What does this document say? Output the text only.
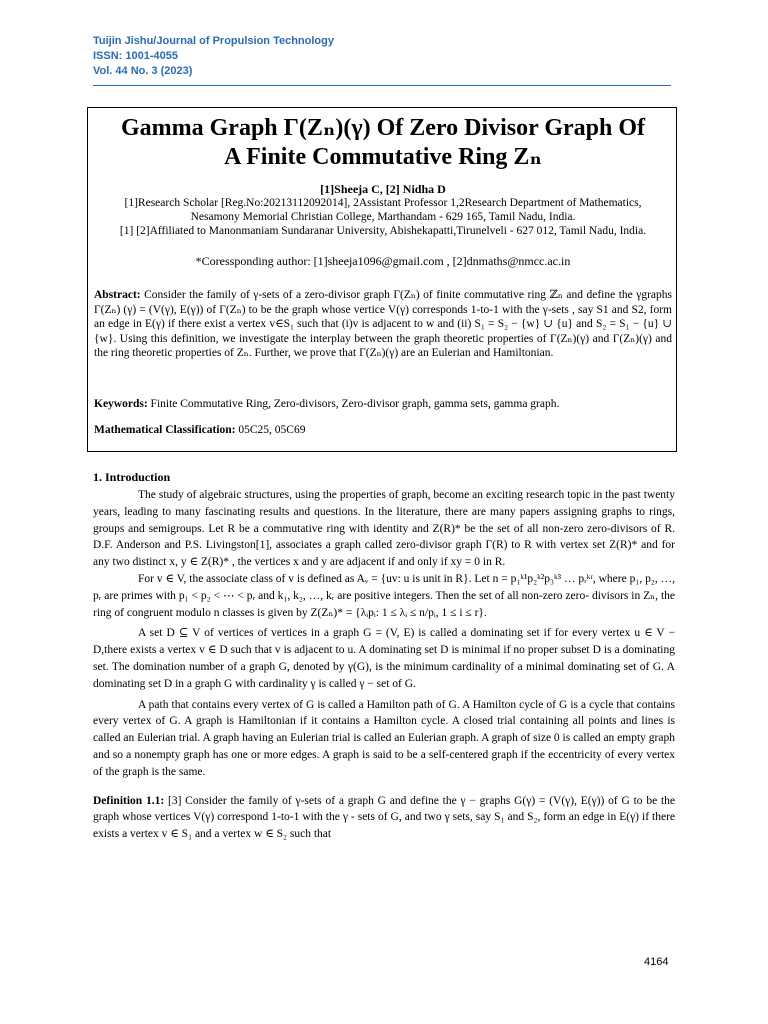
Tuijin Jishu/Journal of Propulsion Technology
ISSN: 1001-4055
Vol. 44 No. 3 (2023)
Gamma Graph Γ(Zₙ)(γ) Of Zero Divisor Graph Of
A Finite Commutative Ring Zₙ
[1]Sheeja C, [2] Nidha D
[1]Research Scholar [Reg.No:20213112092014], 2Assistant Professor 1,2Research Department of Mathematics, Nesamony Memorial Christian College, Marthandam - 629 165, Tamil Nadu, India.
[1] [2]Affiliated to Manonmaniam Sundaranar University, Abishekapatti,Tirunelveli - 627 012, Tamil Nadu, India.
*Coressponding author: [1]sheeja1096@gmail.com , [2]dnmaths@nmcc.ac.in
Abstract: Consider the family of γ-sets of a zero-divisor graph Γ(Zₙ) of finite commutative ring ℤₙ and define the γgraphs Γ(Zₙ) (γ) = (V(γ), E(γ)) of Γ(Zₙ) to be the graph whose vertice V(γ) corresponds 1-to-1 with the γ-sets , say S1 and S2, form an edge in E(γ) if there exist a vertex v∈S₁ such that (i)v is adjacent to w and (ii) S₁ = S₂ − {w} ∪ {u} and S₂ = S₁ − {u} ∪ {w}. Using this definition, we investigate the interplay between the graph theoretic properties of Γ(Zₙ)(γ) and Γ(Zₙ)(γ) and the ring theoretic properties of Zₙ. Further, we prove that Γ(Zₙ)(γ) are an Eulerian and Hamiltonian.
Keywords: Finite Commutative Ring, Zero-divisors, Zero-divisor graph, gamma sets, gamma graph.
Mathematical Classification: 05C25, 05C69
1. Introduction

The study of algebraic structures, using the properties of graph, become an exciting research topic in the past twenty years, leading to many fascinating results and questions. In the literature, there are many papers assigning graphs to rings, groups and semigroups. Let R be a commutative ring with identity and Z(R)* be the set of all non-zero zero-divisors of R. D.F. Anderson and P.S. Livingston[1], associates a graph called zero-divisor graph Γ(R) to R with vertex set Z(R)* and for any two distinct x, y ∈ Z(R)* , the vertices x and y are adjacent if and only if xy = 0 in R.

For v ∈ V, the associate class of v is defined as Aᵥ = {uv: u is unit in R}. Let n = p₁ᵏ¹p₂ᵏ²p₃ᵏ³ … pᵣᵏʳ, where p₁, p₂, …, pᵣ are primes with p₁ < p₂ < ⋯ < pᵣ and k₁, k₂, …, kᵣ are positive integers. Then the set of all non-zero zero- divisors in Zₙ, the ring of congruent modulo n classes is given by Z(Zₙ)* = {λᵢpᵢ: 1 ≤ λᵢ ≤ n/pᵢ, 1 ≤ i ≤ r}.

A set D ⊆ V of vertices of vertices in a graph G = (V, E) is called a dominating set if for every vertex u ∈ V − D,there exists a vertex v ∈ D such that v is adjacent to u. A dominating set D is minimal if no proper subset D is a dominating set. The domination number of a graph G, denoted by γ(G), is the minimum cardinality of a minimal dominating set of G. A dominating set D in a graph G with cardinality γ is called γ − set of G.

A path that contains every vertex of G is called a Hamilton path of G. A Hamilton cycle of G is a cycle that contains every vertex of G. A graph is Hamiltonian if it contains a Hamilton cycle. A closed trial containing all points and lines is called an Eulerian trial. A graph having an Eulerian trial is called an Eulerian graph. A graph of size 0 is called an empty graph and so a nonempty graph has one or more edges. A graph is said to be a self-centered graph if the eccentricity of every vertex of the graph is the same.

Definition 1.1: [3] Consider the family of γ-sets of a graph G and define the γ − graphs G(γ) = (V(γ), E(γ)) of G to be the graph whose vertices V(γ) correspond 1-to-1 with the γ - sets of G, and two γ sets, say S₁ and S₂, form an edge in E(γ) if there exists a vertex v ∈ S₁ and a vertex w ∈ S₂ such that

4164
